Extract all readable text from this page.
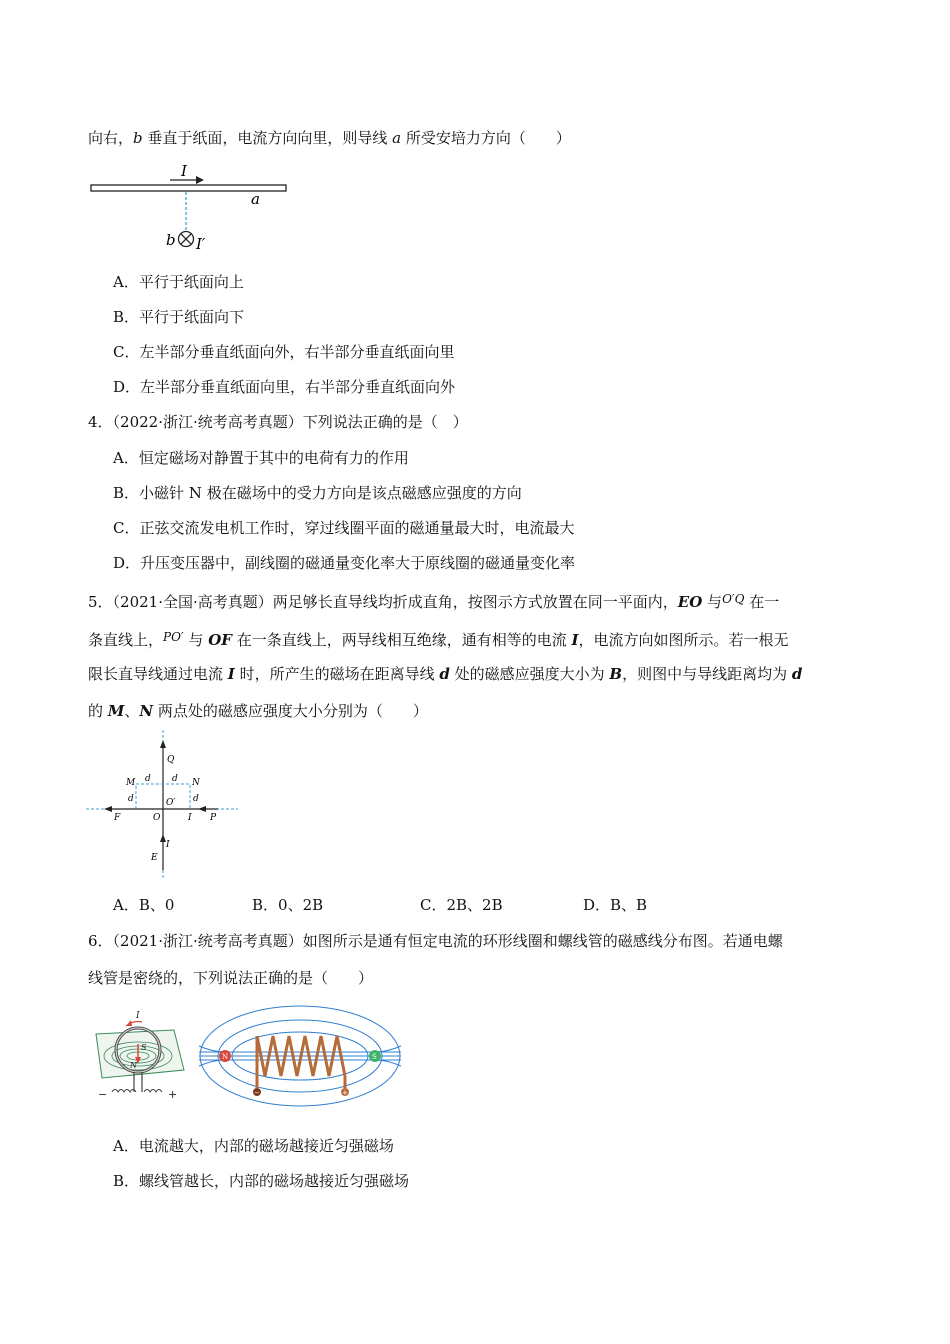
向右，b 垂直于纸面，电流方向向里，则导线 a 所受安培力方向（　　）
I
a
b I′
A．平行于纸面向上
B．平行于纸面向下
C．左半部分垂直纸面向外，右半部分垂直纸面向里
D．左半部分垂直纸面向里，右半部分垂直纸面向外
4．（2022·浙江·统考高考真题）下列说法正确的是（　）
A．恒定磁场对静置于其中的电荷有力的作用
B．小磁针 N 极在磁场中的受力方向是该点磁感应强度的方向
C．正弦交流发电机工作时，穿过线圈平面的磁通量最大时，电流最大
D．升压变压器中，副线圈的磁通量变化率大于原线圈的磁通量变化率
5．（2021·全国·高考真题）两足够长直导线均折成直角，按图示方式放置在同一平面内，EO 与$^{O'Q}$ 在一
条直线上，$^{PO'}$ 与 OF 在一条直线上，两导线相互绝缘，通有相等的电流 I，电流方向如图所示。若一根无
限长直导线通过电流 I 时，所产生的磁场在距离导线 d 处的磁感应强度大小为 B，则图中与导线距离均为 d
的 M、N 两点处的磁感应强度大小分别为（　　）
Q
M	N
d d
d	d
O′
O	I
I
F	P
E
A．B、0	B．0、2B	C．2B、2B	D．B、B
6．（2021·浙江·统考高考真题）如图所示是通有恒定电流的环形线圈和螺线管的磁感线分布图。若通电螺
线管是密绕的，下列说法正确的是（　　）
S
N
I
−	+	−	+
N	S
A．电流越大，内部的磁场越接近匀强磁场
B．螺线管越长，内部的磁场越接近匀强磁场
